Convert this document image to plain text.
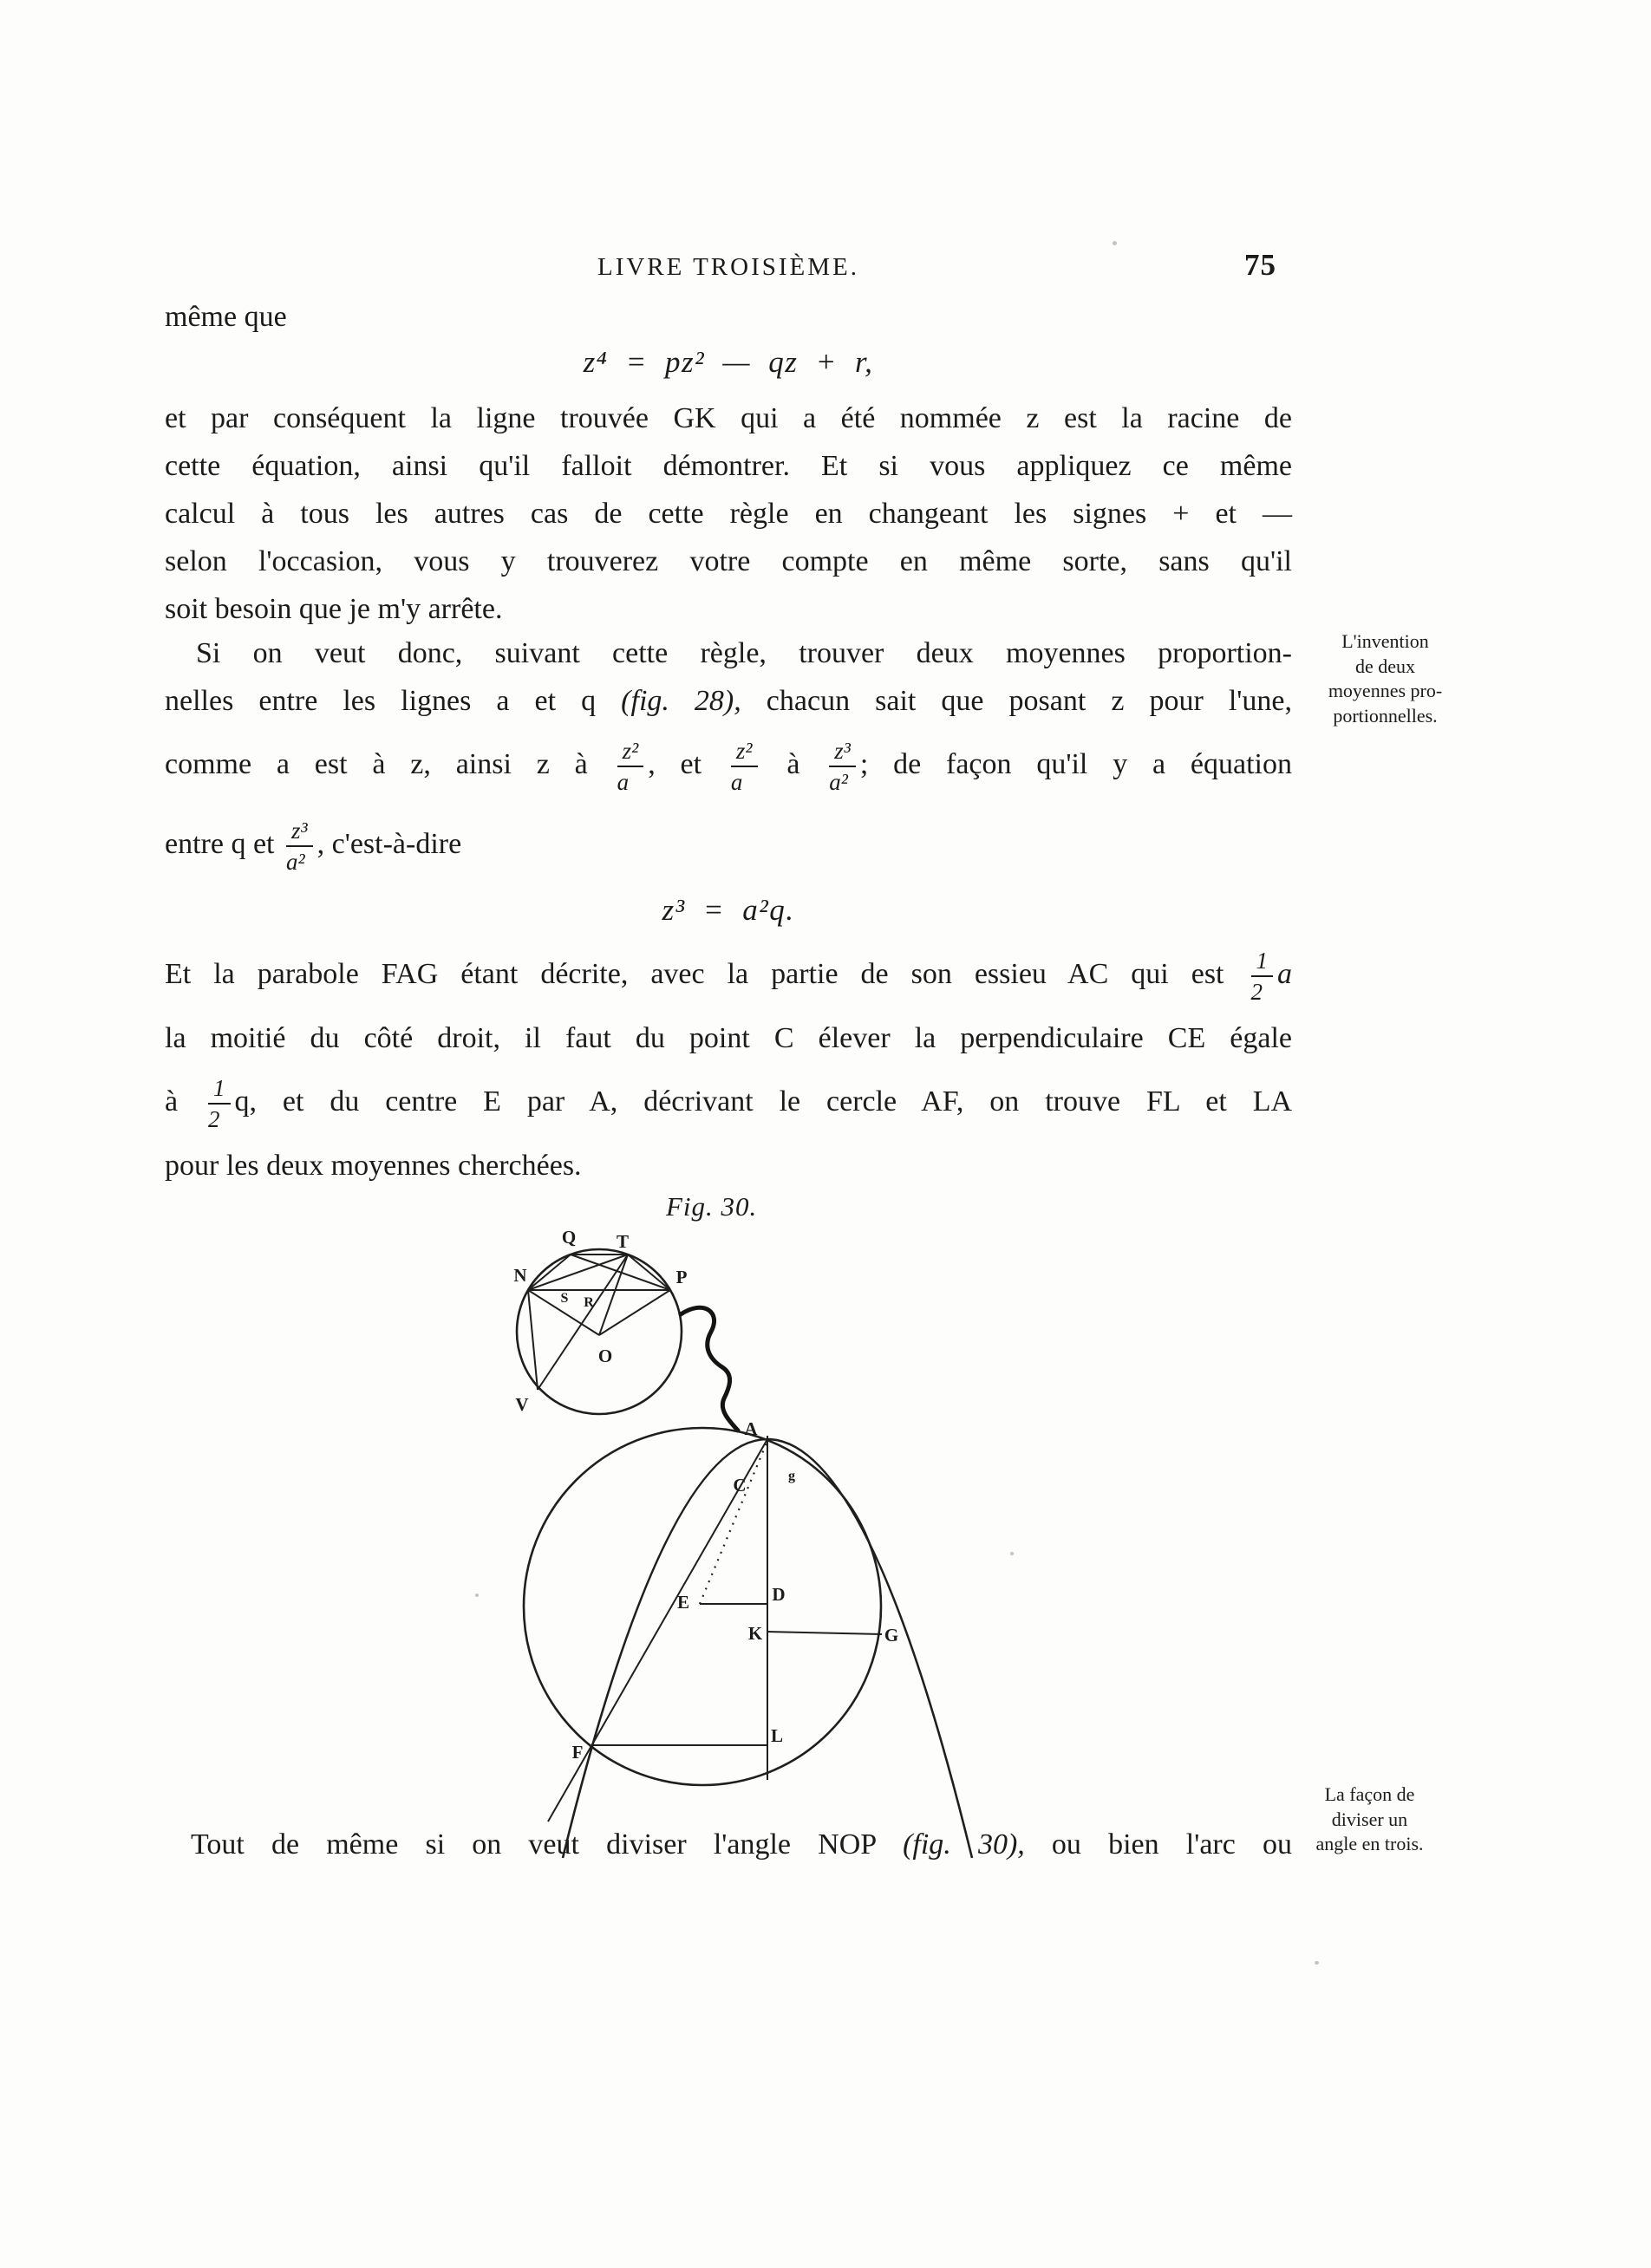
LIVRE TROISIÈME.	75
même que
z⁴ = pz² — qz + r,
et par conséquent la ligne trouvée GK qui a été nommée z est la racine de
cette équation, ainsi qu'il falloit démontrer. Et si vous appliquez ce même
calcul à tous les autres cas de cette règle en changeant les signes + et —
selon l'occasion, vous y trouverez votre compte en même sorte, sans qu'il
soit besoin que je m'y arrête.
Si on veut donc, suivant cette règle, trouver deux moyennes proportion-
nelles entre les lignes a et q (fig. 28), chacun sait que posant z pour l'une,
comme a est à z, ainsi z à $\frac{\text{z²}}{a}$ , et $\frac{\text{z²}}{a}$ à $\frac{\text{z³}}{\text{a²}}$ ; de façon qu'il y a équation
entre q et $\frac{\text{z³}}{\text{a²}}$ , c'est-à-dire
z³ = a²q.
Et la parabole FAG étant décrite, avec la partie de son essieu AC qui est $\frac{1}{2}$ a
la moitié du côté droit, il faut du point C élever la perpendiculaire CE égale
à $\frac{1}{2} q$, et du centre E par A, décrivant le cercle AF, on trouve FL et LA
pour les deux moyennes cherchées.
Fig. 30.
N
Q T
P
S R
O
V
A
C	g
E	D
K	G
F
L
L'invention
de deux
moyennes pro-
portionnelles.
La façon de
diviser un
angle en trois.
Tout de même si on veut diviser l'angle NOP (fig. 30), ou bien l'arc ou
